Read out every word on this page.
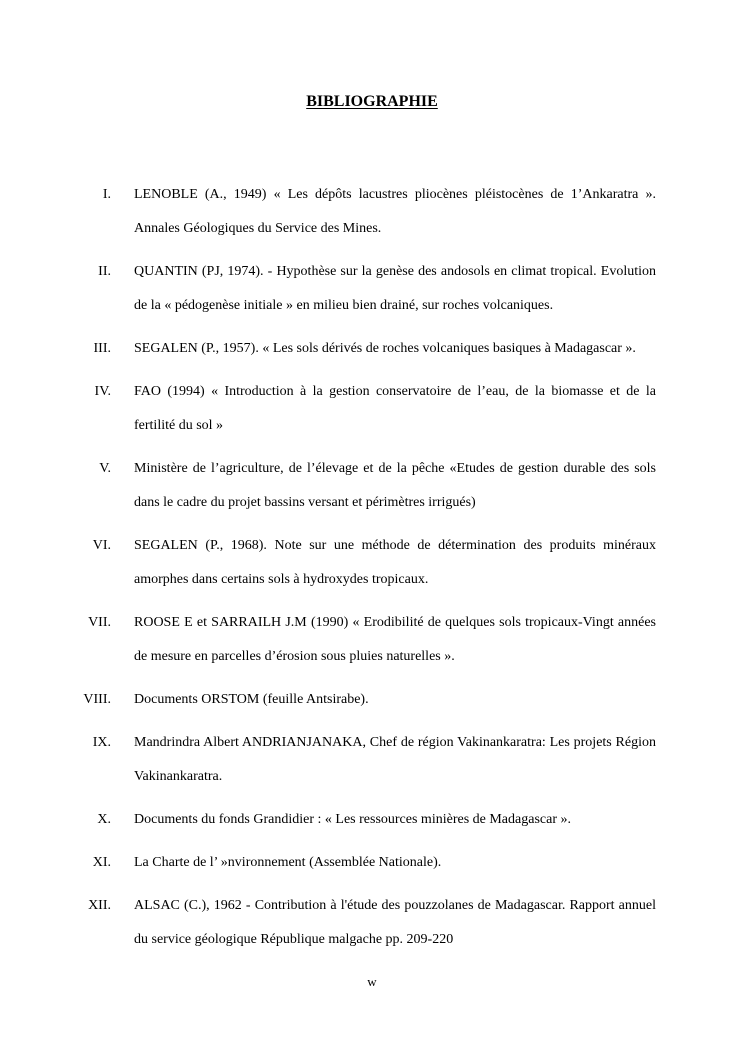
BIBLIOGRAPHIE
I. LENOBLE (A., 1949) « Les dépôts lacustres pliocènes pléistocènes de 1’Ankaratra ». Annales Géologiques du Service des Mines.
II. QUANTIN (PJ, 1974). - Hypothèse sur la genèse des andosols en climat tropical. Evolution de la « pédogenèse initiale » en milieu bien drainé, sur roches volcaniques.
III. SEGALEN (P., 1957). « Les sols dérivés de roches volcaniques basiques à Madagascar ».
IV. FAO (1994) « Introduction à la gestion conservatoire de l’eau, de la biomasse et de la fertilité du sol »
V. Ministère de l’agriculture, de l’élevage et de la pêche «Etudes de gestion durable des sols dans le cadre du projet bassins versant et périmètres irrigués)
VI. SEGALEN (P., 1968). Note sur une méthode de détermination des produits minéraux amorphes dans certains sols à hydroxydes tropicaux.
VII. ROOSE E et SARRAILH J.M (1990) « Erodibilité de quelques sols tropicaux-Vingt années de mesure en parcelles d’érosion sous pluies naturelles ».
VIII. Documents ORSTOM (feuille Antsirabe).
IX. Mandrindra Albert ANDRIANJANAKA, Chef de région Vakinankaratra: Les projets Région Vakinankaratra.
X. Documents du fonds Grandidier : « Les ressources minières de Madagascar ».
XI. La Charte de l’ »nvironnement (Assemblée Nationale).
XII. ALSAC (C.), 1962 - Contribution à l'étude des pouzzolanes de Madagascar. Rapport annuel du service géologique République malgache pp. 209-220
w
